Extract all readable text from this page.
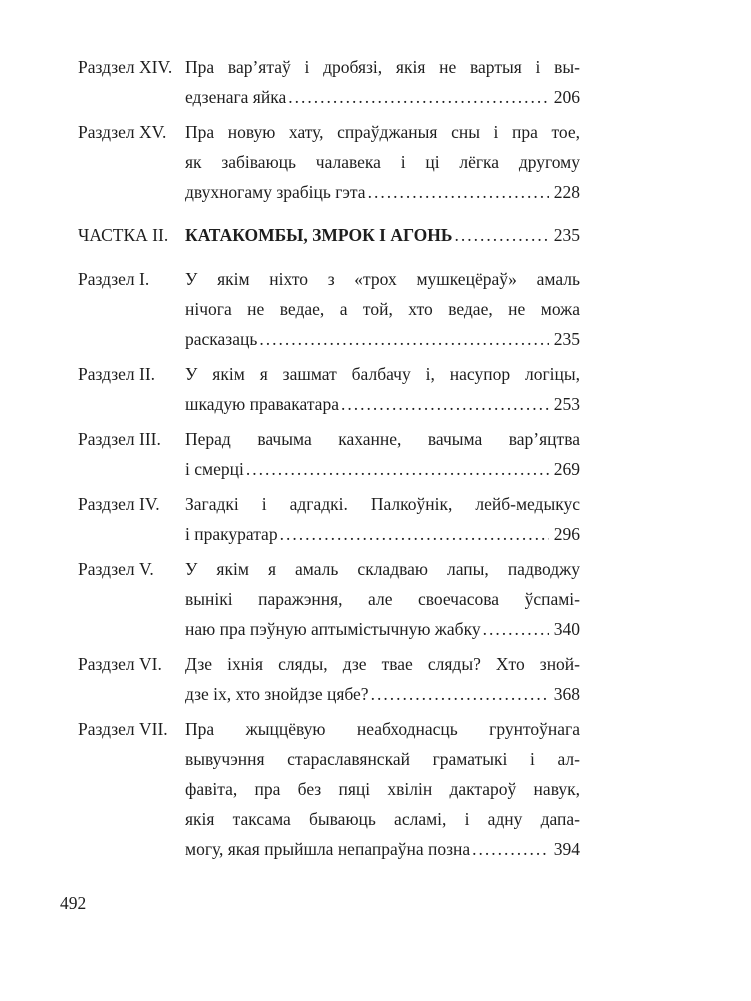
Раздзел XIV. Пра вар’ятаў і дробязі, якія не вартыя і вы-
едзенага яйка .....	206
Раздзел XV.	Пра новую хату, спраўджаныя сны і пра тое,
як забіваюць чалавека і ці лёгка другому
двухногаму зрабіць гэта .....	228
ЧАСТКА II. КАТАКОМБЫ, ЗМРОК І АГОНЬ .....	235
Раздзел I.	У якім ніхто з «трох мушкецёраў» амаль
нічога не ведае, а той, хто ведае, не можа
расказаць .....	235
Раздзел II.	У якім я зашмат балбачу і, насупор логіцы,
шкадую правакатара .....	253
Раздзел III.	Перад вачыма каханне, вачыма вар’яцтва
і смерці .....	269
Раздзел IV.	Загадкі і адгадкі. Палкоўнік, лейб-медыкус
і пракуратар .....	296
Раздзел V.	У якім я амаль складваю лапы, падводжу
вынікі паражэння, але своечасова ўспамі-
наю пра пэўную аптымістычную жабку .....	340
Раздзел VI.	Дзе іхнія сляды, дзе твае сляды? Хто зной-
дзе іх, хто знойдзе цябе? .....	368
Раздзел VII. Пра жыццёвую неабходнасць грунтоўнага
вывучэння стараславянскай граматыкі і ал-
фавіта, пра без пяці хвілін дактароў навук,
якія таксама бываюць асламі, і адну дапа-
могу, якая прыйшла непапраўна позна .....	394
492
